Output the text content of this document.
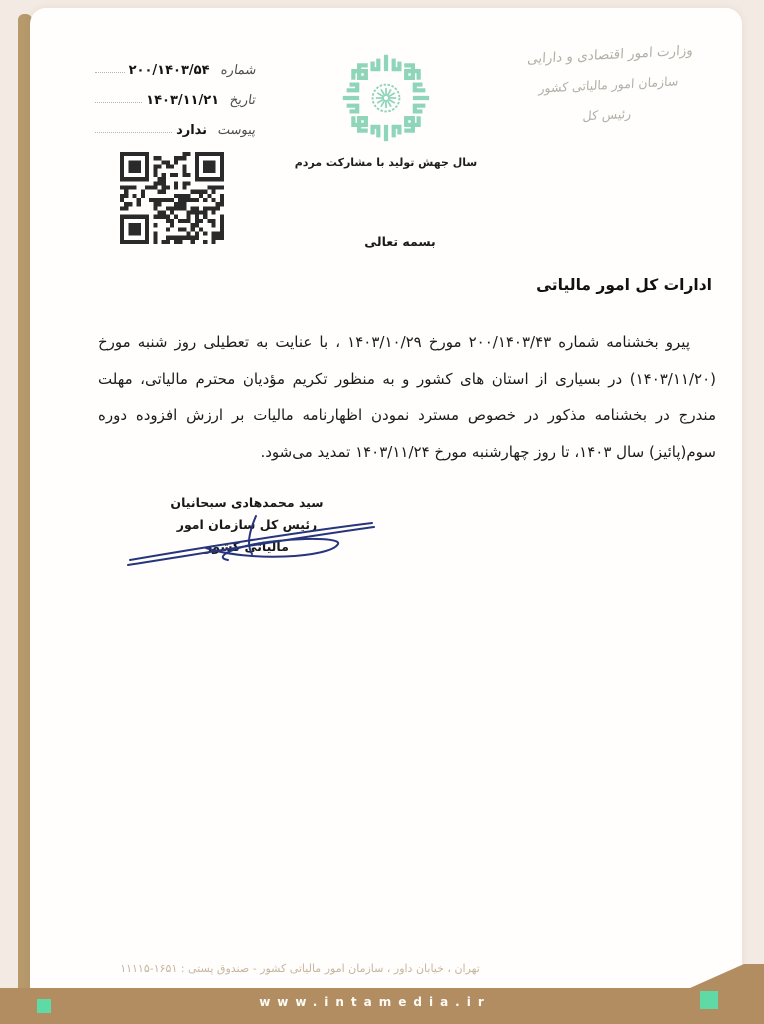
شماره
۲۰۰/۱۴۰۳/۵۴
تاریخ
۱۴۰۳/۱۱/۲۱
پیوست
ندارد
وزارت امور اقتصادی و دارایی
سازمان امور مالیاتی کشور
رئیس کل
سال جهش تولید با مشارکت مردم
بسمه تعالی
ادارات کل امور مالیاتی
پیرو بخشنامه شماره ۲۰۰/۱۴۰۳/۴۳ مورخ ۱۴۰۳/۱۰/۲۹ ، با عنایت به تعطیلی روز شنبه مورخ (۱۴۰۳/۱۱/۲۰) در بسیاری از استان های کشور و به منظور تکریم مؤدیان محترم مالیاتی، مهلت مندرج در بخشنامه مذکور در خصوص مسترد نمودن اظهارنامه مالیات بر ارزش افزوده دوره سوم(پائیز) سال ۱۴۰۳، تا روز چهارشنبه مورخ ۱۴۰۳/۱۱/۲۴ تمدید می‌شود.
سید محمدهادی سبحانیان
رئیس کل سازمان امور مالیاتی کشور
تهران ، خیابان داور ، سازمان امور مالیاتی کشور - صندوق پستی : ۱۶۵۱-۱۱۱۱۵
www.intamedia.ir
